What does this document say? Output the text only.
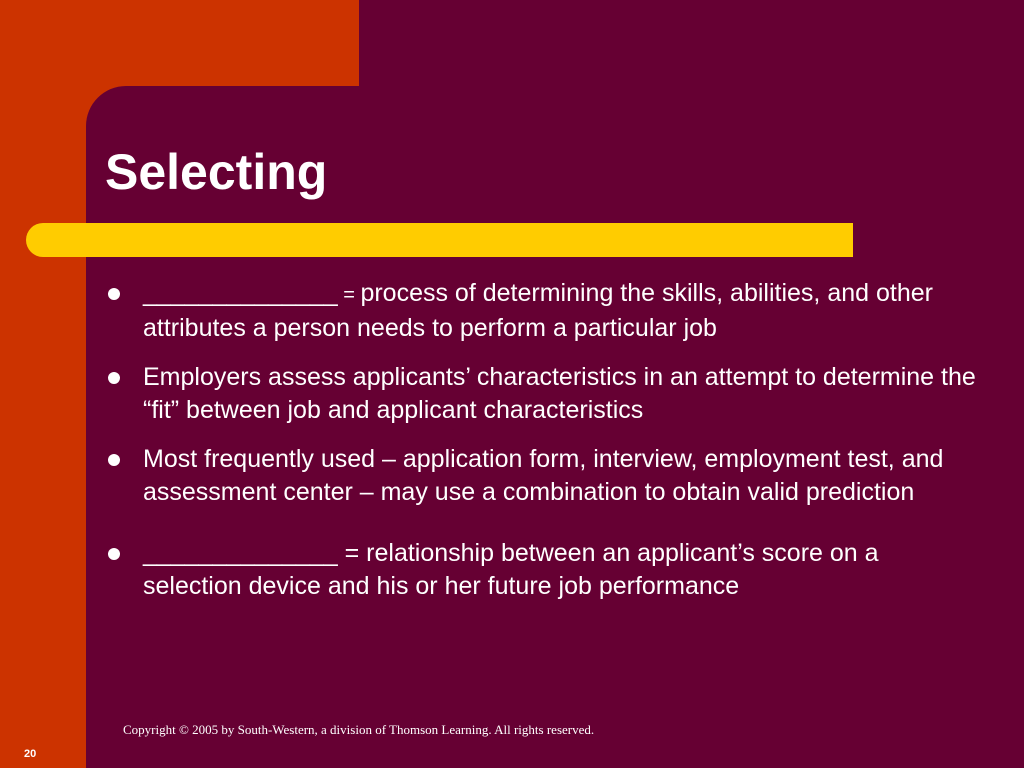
Selecting
______________ = process of determining the skills, abilities, and other attributes a person needs to perform a particular job
Employers assess applicants’ characteristics in an attempt to determine the “fit” between job and applicant characteristics
Most frequently used – application form, interview, employment test, and assessment center – may use a combination to obtain valid prediction
______________ = relationship between an applicant’s score on a selection device and his or her future job performance
Copyright © 2005 by South-Western, a division of Thomson Learning. All rights reserved.
20
